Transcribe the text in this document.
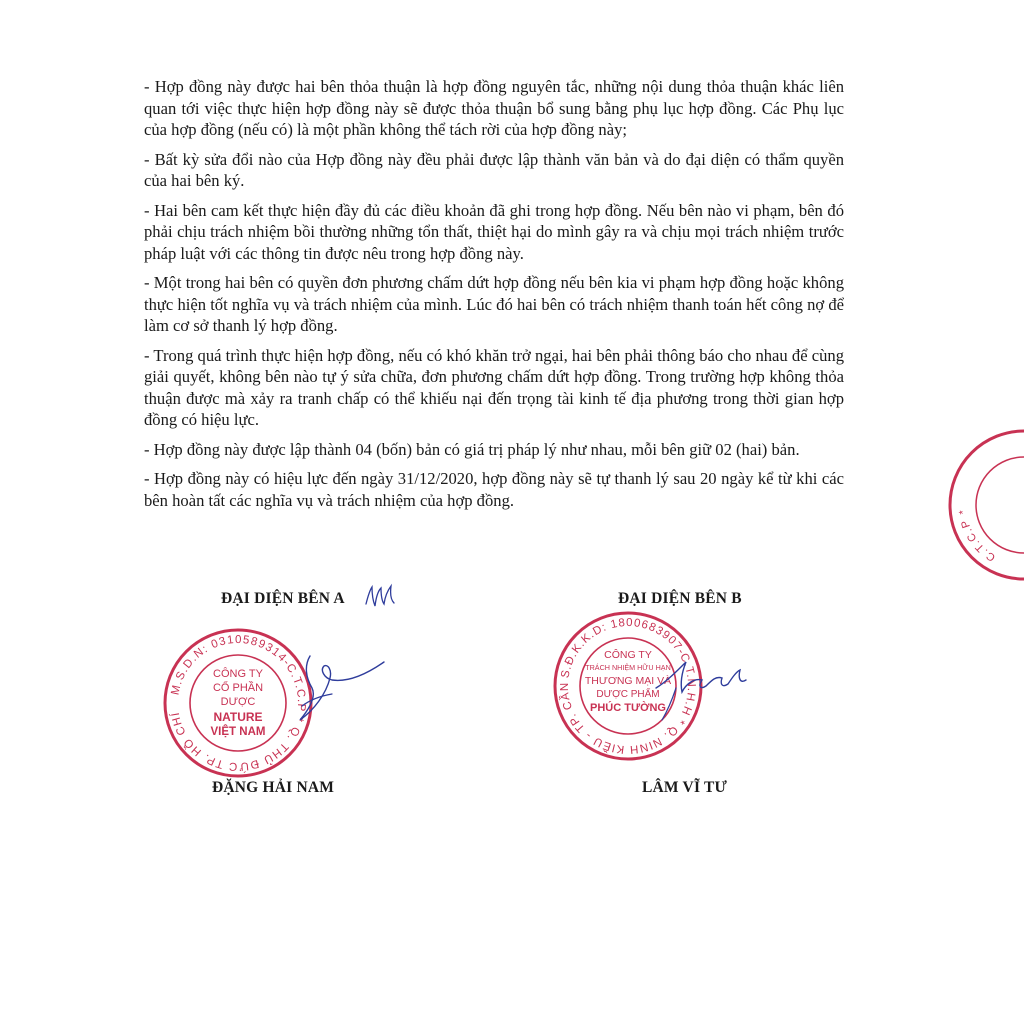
- Hợp đồng này được hai bên thỏa thuận là hợp đồng nguyên tắc, những nội dung thỏa thuận khác liên quan tới việc thực hiện hợp đồng này sẽ được thỏa thuận bổ sung bằng phụ lục hợp đồng. Các Phụ lục của hợp đồng (nếu có) là một phần không thể tách rời của hợp đồng này;

- Bất kỳ sửa đổi nào của Hợp đồng này đều phải được lập thành văn bản và do đại diện có thẩm quyền của hai bên ký.

- Hai bên cam kết thực hiện đầy đủ các điều khoản đã ghi trong hợp đồng. Nếu bên nào vi phạm, bên đó phải chịu trách nhiệm bồi thường những tổn thất, thiệt hại do mình gây ra và chịu mọi trách nhiệm trước pháp luật với các thông tin được nêu trong hợp đồng này.

- Một trong hai bên có quyền đơn phương chấm dứt hợp đồng nếu bên kia vi phạm hợp đồng hoặc không thực hiện tốt nghĩa vụ và trách nhiệm của mình. Lúc đó hai bên có trách nhiệm thanh toán hết công nợ để làm cơ sở thanh lý hợp đồng.

- Trong quá trình thực hiện hợp đồng, nếu có khó khăn trở ngại, hai bên phải thông báo cho nhau để cùng giải quyết, không bên nào tự ý sửa chữa, đơn phương chấm dứt hợp đồng. Trong trường hợp không thỏa thuận được mà xảy ra tranh chấp có thể khiếu nại đến trọng tài kinh tế địa phương trong thời gian hợp đồng có hiệu lực.

- Hợp đồng này được lập thành 04 (bốn) bản có giá trị pháp lý như nhau, mỗi bên giữ 02 (hai) bản.

- Hợp đồng này có hiệu lực đến ngày 31/12/2020, hợp đồng này sẽ tự thanh lý sau 20 ngày kể từ khi các bên hoàn tất các nghĩa vụ và trách nhiệm của hợp đồng.

ĐẠI DIỆN BÊN A
M.S.D.N: 0310589314-C.T.C.P * Q. THỦ ĐỨC TP. HỒ CHÍ MINH
CÔNG TY
CỔ PHẦN
DƯỢC
NATURE
VIỆT NAM
ĐẶNG HẢI NAM
ĐẠI DIỆN BÊN B
S.Đ.K.K.D: 1800683907-C.T.N.H.H * Q. NINH KIỀU - TP. CẦN THƠ
CÔNG TY
TRÁCH NHIỆM HỮU HẠN
THƯƠNG MẠI VÀ
DƯỢC PHẨM
PHÚC TƯỜNG
LÂM VĨ TƯ
C.T.C.P * CHÍ MINH
